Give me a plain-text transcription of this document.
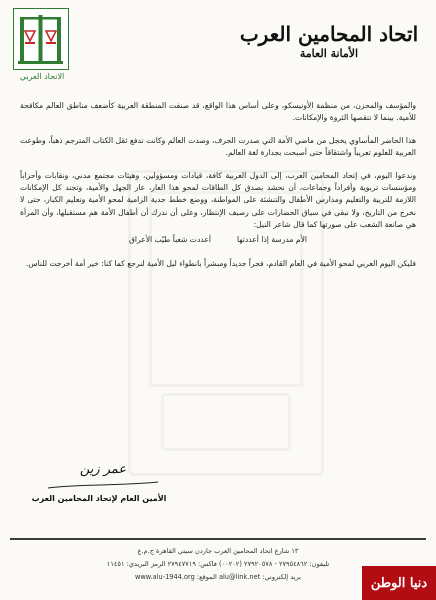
الاتحاد العربي
اتحاد المحامين العرب
الأمانة العامة

والمؤسف والمحزن، من منظمة الأونيسكو، وعلى أساس هذا الواقع، قد صنفت المنطقة العربية كأضعف مناطق العالم مكافحة للأمية. بينما لا تنقصها الثروة والإمكانات.

هذا الحاضر المأساوي يخجل من ماضي الأمة التي صدرت الحرف، وصدت العالم وكانت تدفع ثقل الكتاب المترجم ذهباً، وطوعت العربية للعلوم تعريباً واشتقاقاً حتى أصبحت بجدارة لغة العالم.

وندعوا اليوم، في إتحاد المحامين العرب، إلى الدول العربية كافة، قيادات ومسؤولين، وهيئات مجتمع مدني، ونقابات وأحزاباً ومؤسسات تربوية وأفراداً وجماعات، أن نحشد بصدق كل الطاقات لمحو هذا العار، عار الجهل والأمية، وتجند كل الإمكانات اللازمة للتربية والتعليم ومدارس الأطفال والتنشئة على المواطنة، ووضع خطط جدية الزامية لمحو الأمية وتعليم الكبار، حتى لا نخرج من التاريخ، ولا نبقى في سياق الحضارات على رصيف الإنتظار، وعلى أن ندرك أن أطفال الأمة هم مستقبلها، وأن المرأة هي صانعة الشعب على صورتها كما قال شاعر النيل:

الأم مدرسة إذا أعددتها
أعددت شعباً طيّب الأعراق

فليكن اليوم العربي لمحو الأمية في العام القادم، فجراً جديداً ومبشراً بانطواء ليل الأمية لنرجع كما كنا: خير أمة أخرجت للناس.

عمر زين
الأمين العام لإتحاد المحامين العرب
١٣ شارع اتحاد المحامين العرب جاردن سيتي القاهرة ج.م.ع
تليفون: ٢٧٩٥٤٨٦٢ - ٢٧٩٢٠٥٧٨ (٠٠٢٠٢) فاكس: ٢٧٩٤٧٧١٩ الرمز البريدي: ١١٤٥١
بريد إلكتروني: alu@link.net الموقع: www.alu-1944.org	دنيا الوطن
